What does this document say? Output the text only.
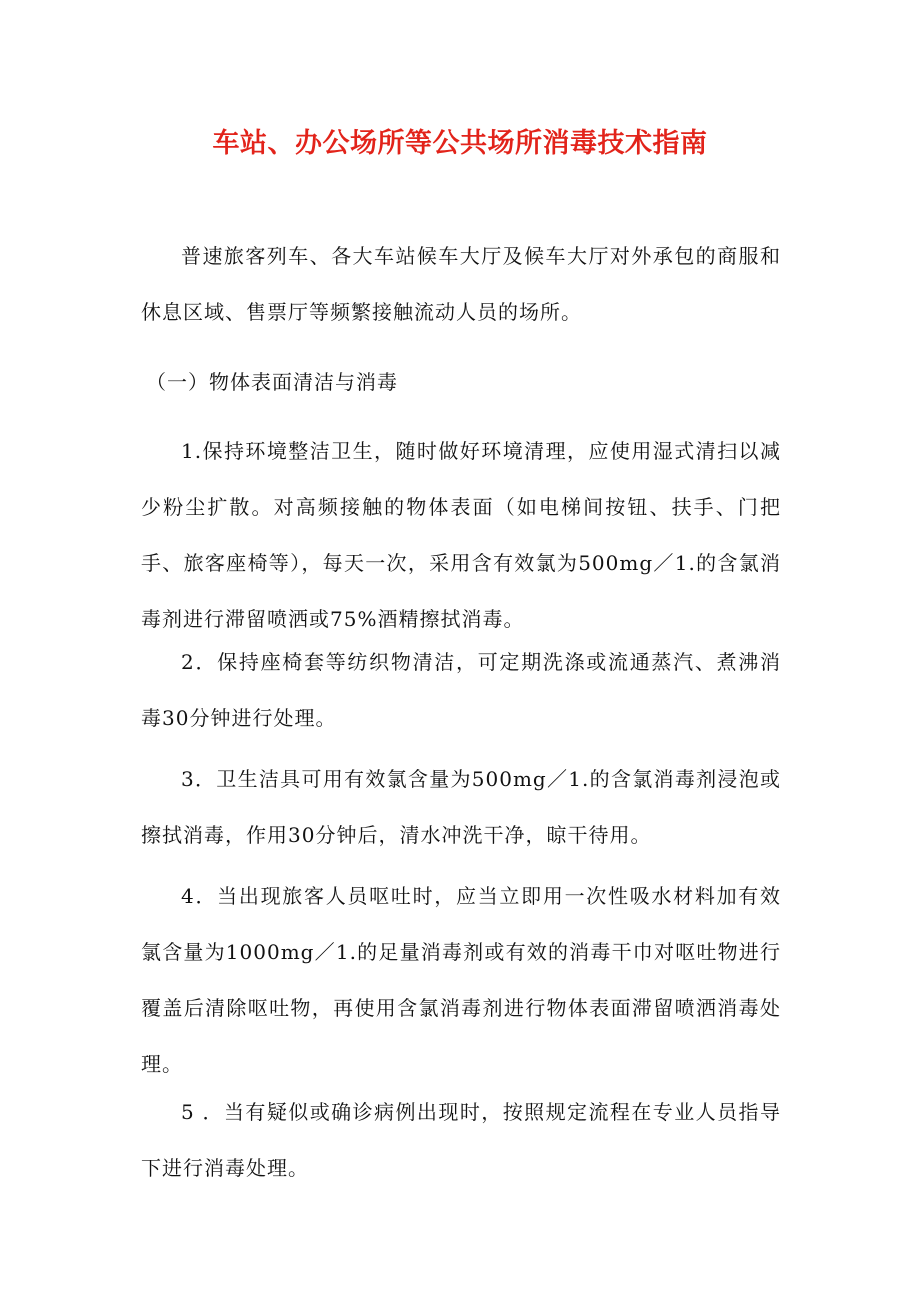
车站、办公场所等公共场所消毒技术指南

普速旅客列车、各大车站候车大厅及候车大厅对外承包的商服和休息区域、售票厅等频繁接触流动人员的场所。

（一）物体表面清洁与消毒

1.保持环境整洁卫生，随时做好环境清理，应使用湿式清扫以减少粉尘扩散。对高频接触的物体表面（如电梯间按钮、扶手、门把手、旅客座椅等），每天一次，采用含有效氯为500mg／1.的含氯消毒剂进行滞留喷洒或75%酒精擦拭消毒。

2．保持座椅套等纺织物清洁，可定期洗涤或流通蒸汽、煮沸消毒30分钟进行处理。

3．卫生洁具可用有效氯含量为500mg／1.的含氯消毒剂浸泡或擦拭消毒，作用30分钟后，清水冲洗干净，晾干待用。

4．当出现旅客人员呕吐时，应当立即用一次性吸水材料加有效氯含量为1000mg／1.的足量消毒剂或有效的消毒干巾对呕吐物进行覆盖后清除呕吐物，再使用含氯消毒剂进行物体表面滞留喷洒消毒处理。

5 ．当有疑似或确诊病例出现时，按照规定流程在专业人员指导下进行消毒处理。
